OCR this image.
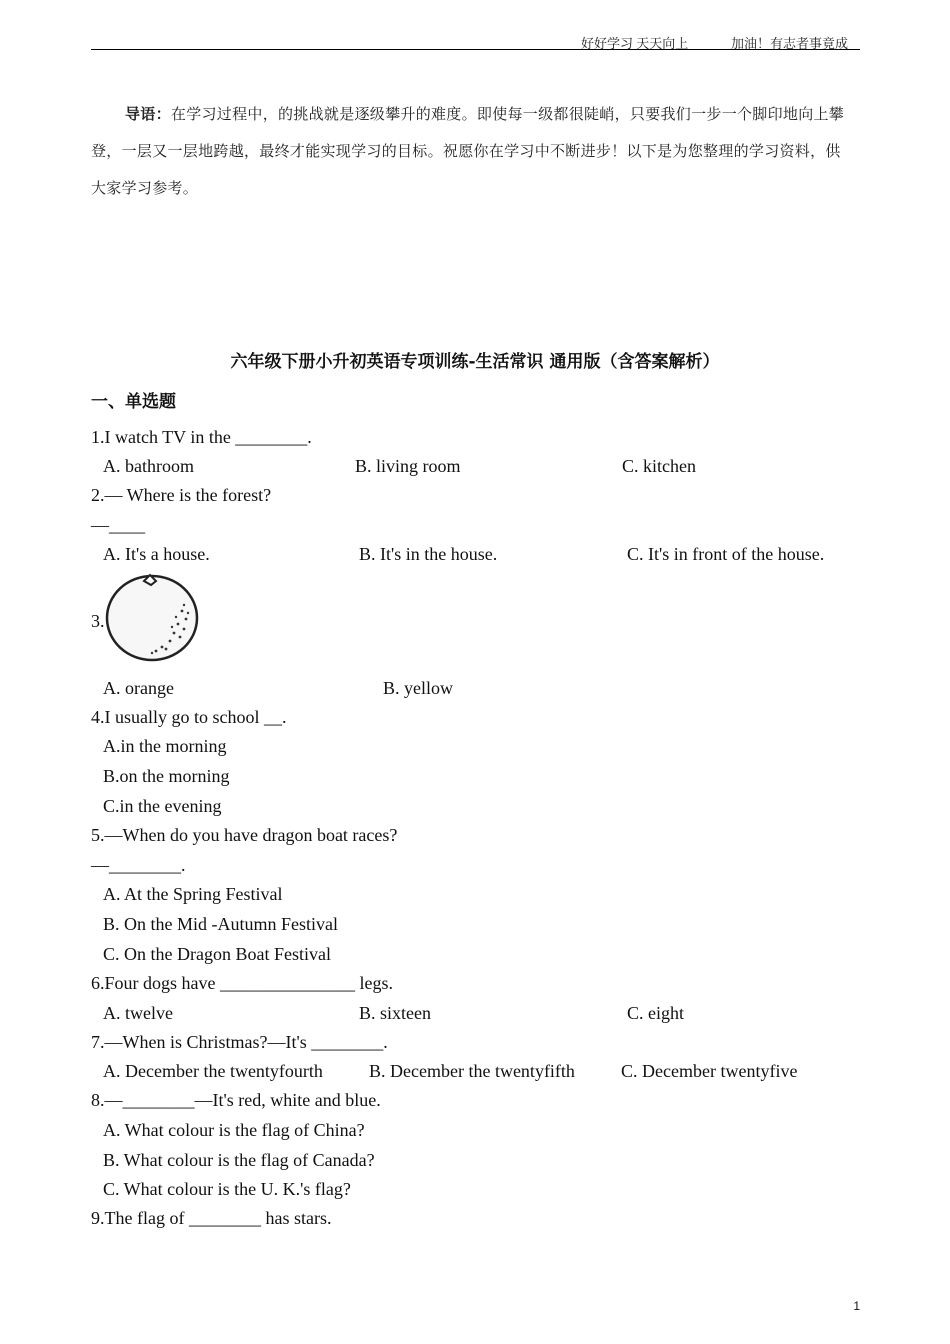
好好学习 天天向上	加油！有志者事竟成
导语：在学习过程中，的挑战就是逐级攀升的难度。即使每一级都很陡峭，只要我们一步一个脚印地向上攀登，一层又一层地跨越，最终才能实现学习的目标。祝愿你在学习中不断进步！以下是为您整理的学习资料，供大家学习参考。
六年级下册小升初英语专项训练-生活常识 通用版（含答案解析）
一、单选题
1.I watch TV in the ________.
A. bathroom	B. living room	C. kitchen
2.— Where is the forest?
—____
A. It's a house.	B. It's in the house.	C. It's in front of the house.
3.
A. orange	B. yellow
4.I usually go to school __.
A.in the morning
B.on the morning
C.in the evening
5.—When do you have dragon boat races?
—________.
A. At the Spring Festival
B. On the Mid -Autumn Festival
C. On the Dragon Boat Festival
6.Four dogs have _______________ legs.
A. twelve	B. sixteen	C. eight
7.—When is Christmas?—It's ________.
A. December the twentyfourth	B. December the twentyfifth	C. December twentyfive
8.—________—It's red, white and blue.
A. What colour is the flag of China?
B. What colour is the flag of Canada?
C. What colour is the U. K.'s flag?
9.The flag of ________ has stars.
1
